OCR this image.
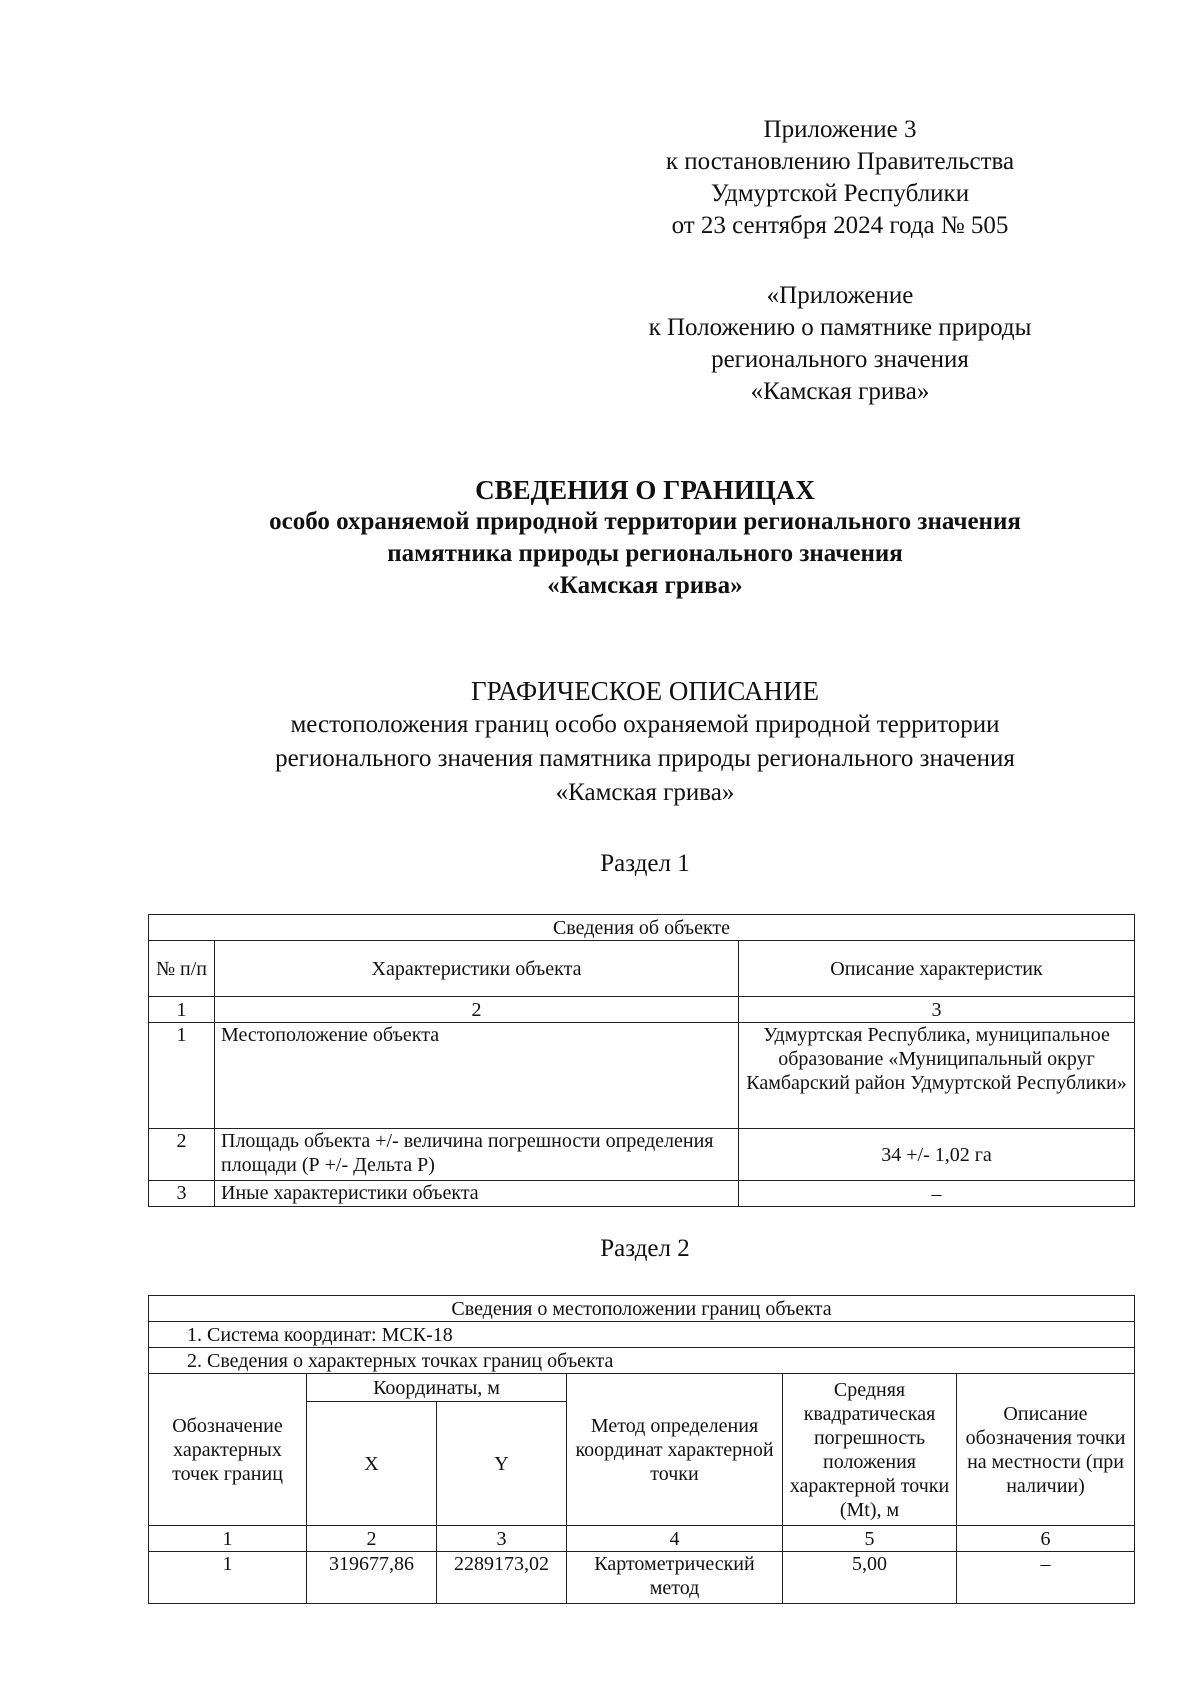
Приложение 3
к постановлению Правительства
Удмуртской Республики
от 23 сентября 2024 года № 505
«Приложение
к Положению о памятнике природы
регионального значения
«Камская грива»
СВЕДЕНИЯ О ГРАНИЦАХ
особо охраняемой природной территории регионального значения
памятника природы регионального значения
«Камская грива»
ГРАФИЧЕСКОЕ ОПИСАНИЕ
местоположения границ особо охраняемой природной территории
регионального значения памятника природы регионального значения
«Камская грива»
Раздел 1
Сведения об объекте		
№ п/п	Характеристики объекта	Описание характеристик
1	2	3
1	Местоположение объекта	Удмуртская Республика, муниципальное образование «Муниципальный округ Камбарский район Удмуртской Республики»
2	Площадь объекта +/- величина погрешности определения площади (Р +/- Дельта Р)	34 +/- 1,02 га
3	Иные характеристики объекта	–
Раздел 2
Сведения о местоположении границ объекта					
1. Система координат: МСК-18					
2. Сведения о характерных точках границ объекта					
Обозначение характерных точек границ	Координаты, м		Метод определения координат характерной точки	Средняя квадратическая погрешность положения характерной точки (Mt), м	Описание обозначения точки на местности (при наличии)
	X	Y			
1	2	3	4	5	6
1	319677,86	2289173,02	Картометрический метод	5,00	–
